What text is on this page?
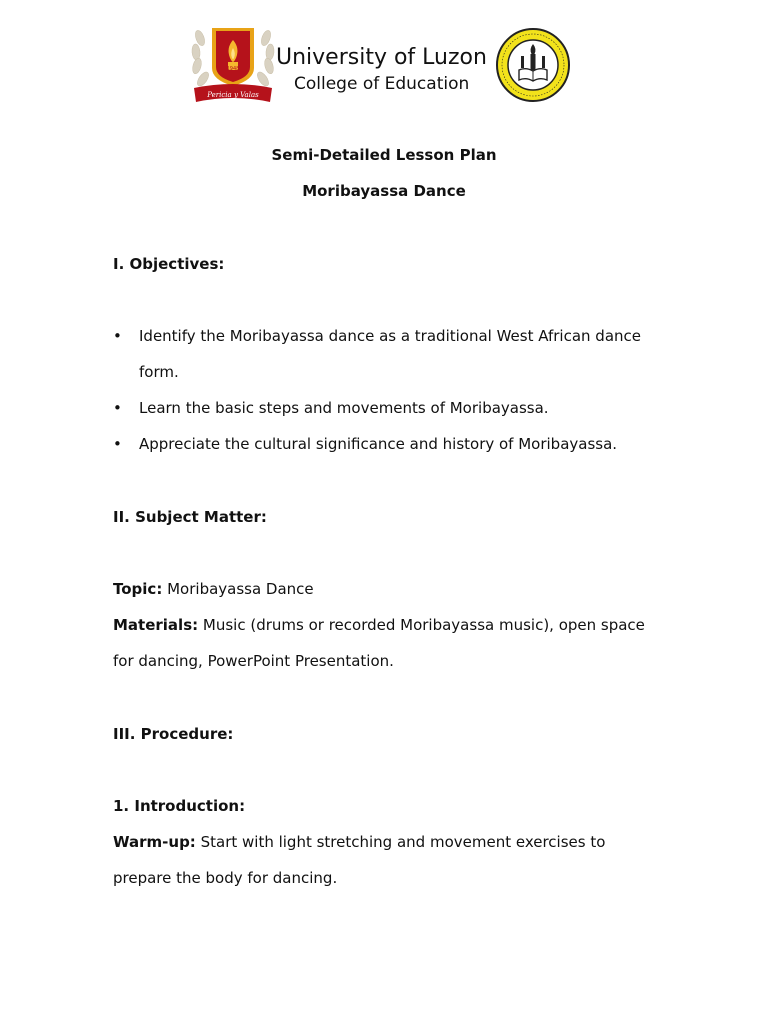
1948
Pericia y Valas
University of Luzon
College of Education
Semi-Detailed Lesson Plan
Moribayassa Dance
I. Objectives:
• Identify the Moribayassa dance as a traditional West African dance
form.
• Learn the basic steps and movements of Moribayassa.
• Appreciate the cultural significance and history of Moribayassa.
II. Subject Matter:
Topic: Moribayassa Dance
Materials: Music (drums or recorded Moribayassa music), open space
for dancing, PowerPoint Presentation.
III. Procedure:
1. Introduction:
Warm-up: Start with light stretching and movement exercises to
prepare the body for dancing.
